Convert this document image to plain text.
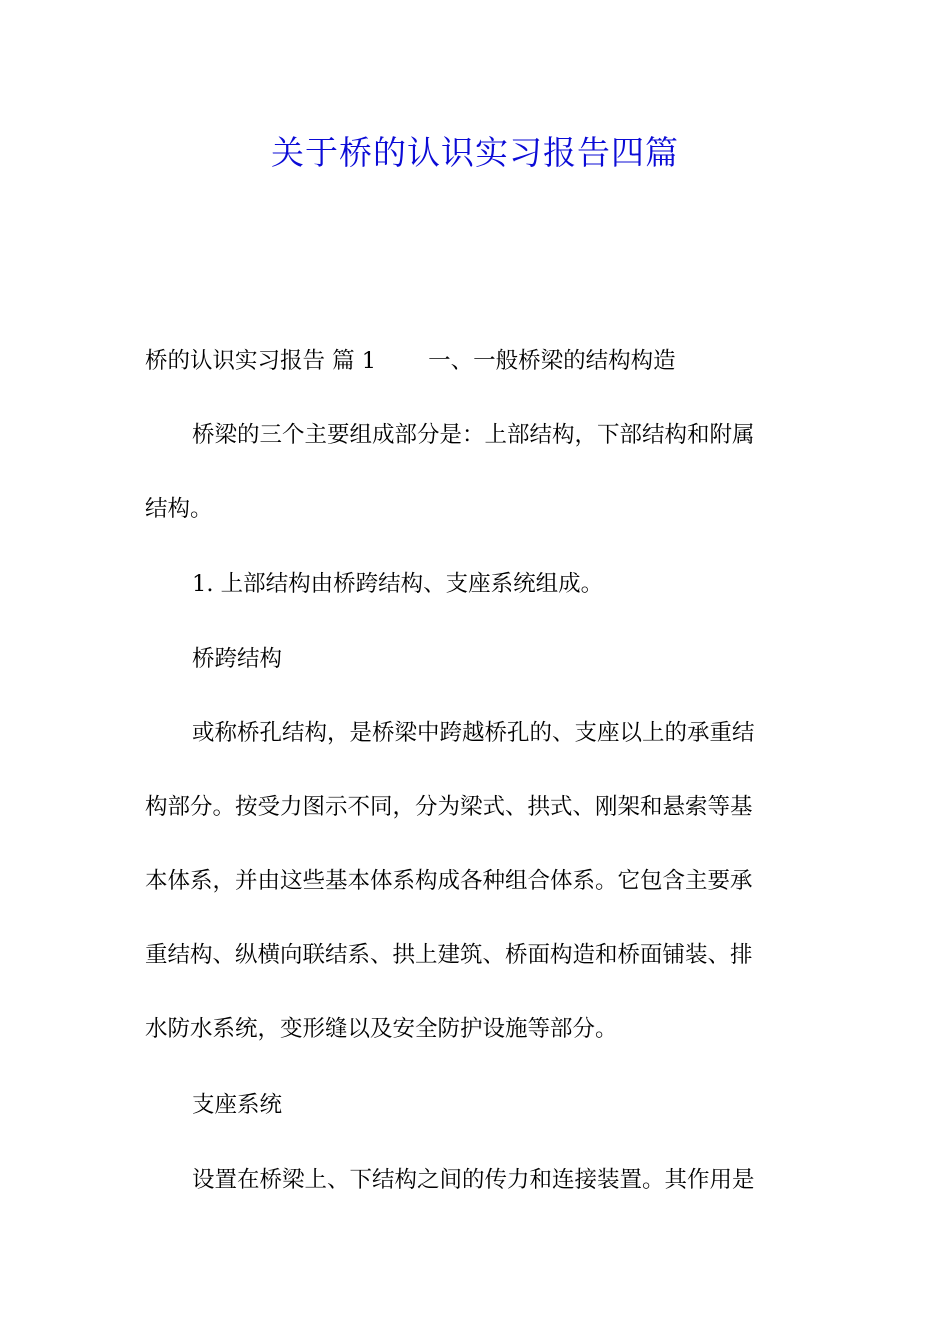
关于桥的认识实习报告四篇
桥的认识实习报告 篇 1 一、一般桥梁的结构构造
桥梁的三个主要组成部分是：上部结构，下部结构和附属
结构。
1. 上部结构由桥跨结构、支座系统组成。
桥跨结构
或称桥孔结构，是桥梁中跨越桥孔的、支座以上的承重结
构部分。按受力图示不同，分为梁式、拱式、刚架和悬索等基
本体系，并由这些基本体系构成各种组合体系。它包含主要承
重结构、纵横向联结系、拱上建筑、桥面构造和桥面铺装、排
水防水系统，变形缝以及安全防护设施等部分。
支座系统
设置在桥梁上、下结构之间的传力和连接装置。其作用是
